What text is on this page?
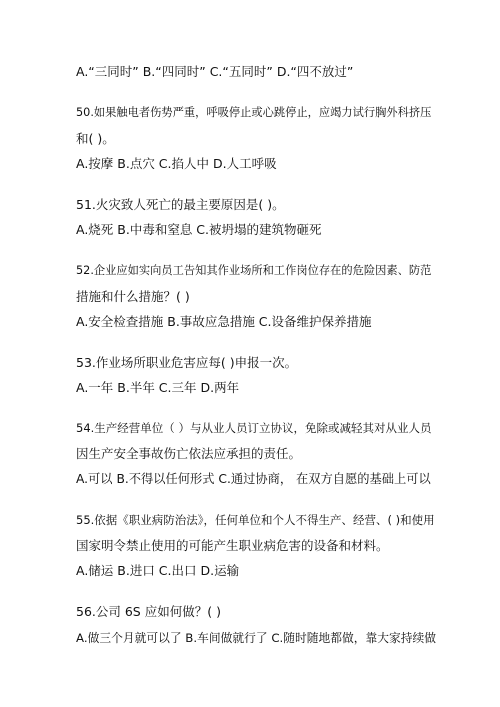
A.“三同时” B.“四同时” C.“五同时” D.“四不放过”
50.如果触电者伤势严重，呼吸停止或心跳停止，应竭力试行胸外科挤压
和( )。
A.按摩 B.点穴 C.掐人中 D.人工呼吸
51.火灾致人死亡的最主要原因是( )。
A.烧死 B.中毒和窒息 C.被坍塌的建筑物砸死
52.企业应如实向员工告知其作业场所和工作岗位存在的危险因素、防范
措施和什么措施？( )
A.安全检查措施 B.事故应急措施 C.设备维护保养措施
53.作业场所职业危害应每( )申报一次。
A.一年 B.半年 C.三年 D.两年
54.生产经营单位（ ）与从业人员订立协议，免除或减轻其对从业人员
因生产安全事故伤亡依法应承担的责任。
A.可以 B.不得以任何形式 C.通过协商， 在双方自愿的基础上可以
55.依据《职业病防治法》，任何单位和个人不得生产、经营、( )和使用
国家明令禁止使用的可能产生职业病危害的设备和材料。
A.储运 B.进口 C.出口 D.运输
56.公司 6S 应如何做？( )
A.做三个月就可以了 B.车间做就行了 C.随时随地都做，靠大家持续做
